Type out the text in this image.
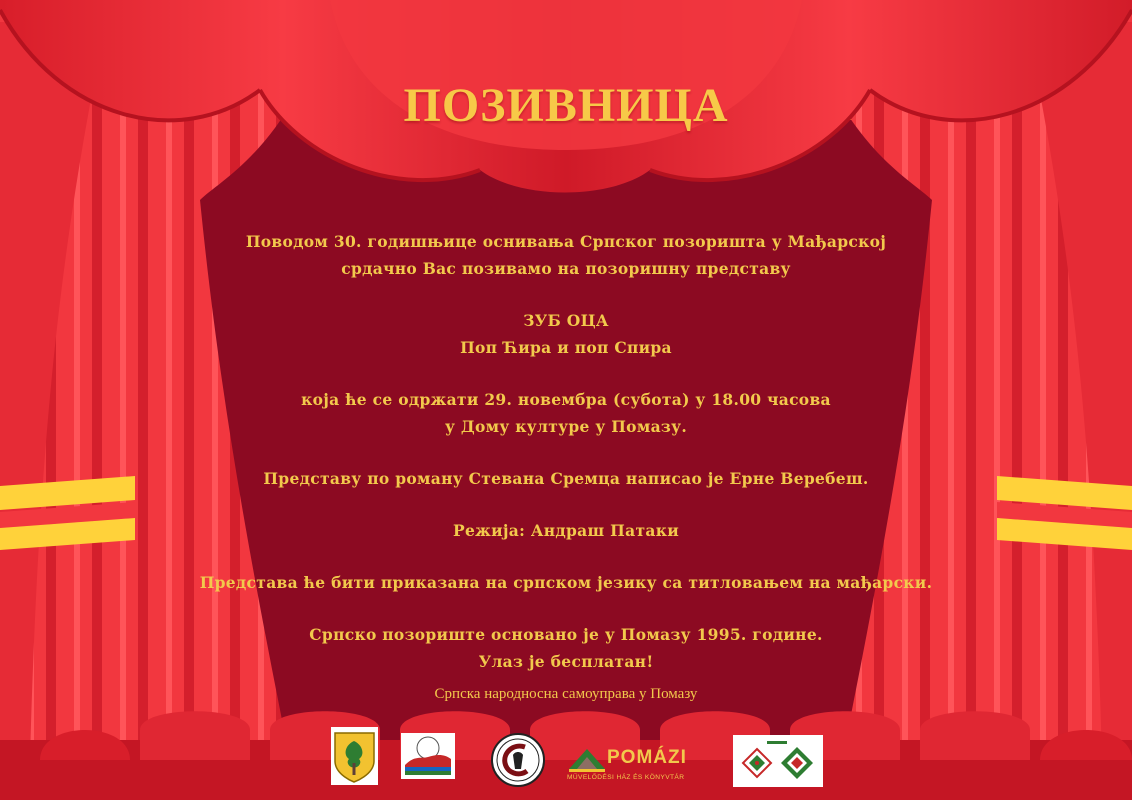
ПОЗИВНИЦА
Поводом 30. годишњице оснивања Српског позоришта у Мађарској
срдачно Вас позивамо на позоришну представу
ЗУБ ОЦА
Поп Ћира и поп Спира
која ће се одржати 29. новембра (субота) у 18.00 часова
у Дому културе у Помазу.
Представу по роману Стевана Сремца написао је Ерне Веребеш.
Режија: Андраш Патаки
Представа ће бити приказана на српском језику са титловањем на мађарски.
Српско позориште основано је у Помазу 1995. године.
Улаз је бесплатан!
Српска народносна самоуправа у Помазу
POMÁZI
MŰVELŐDÉSI HÁZ ÉS KÖNYVTÁR
